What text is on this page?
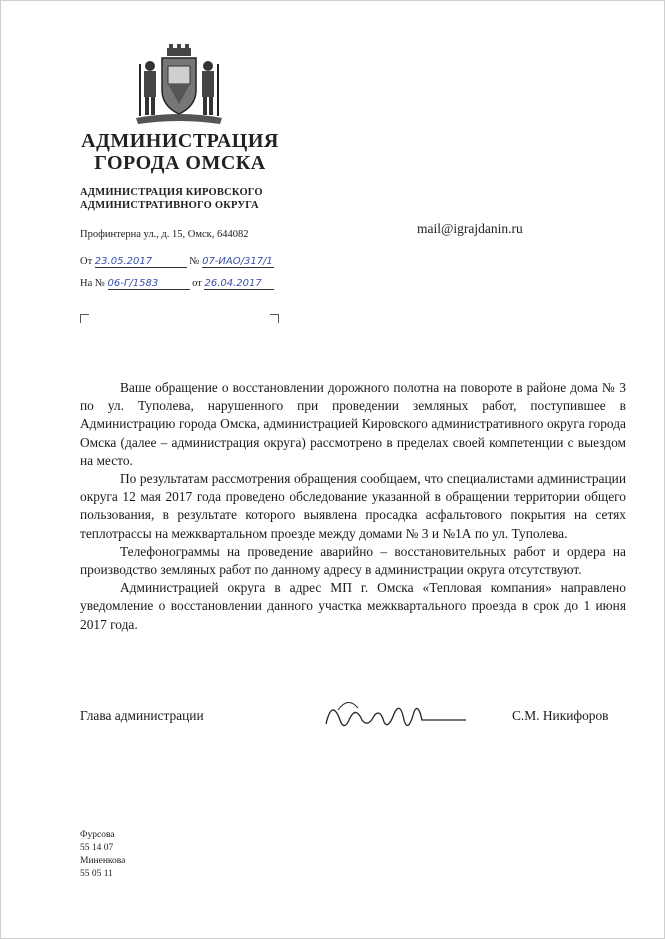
АДМИНИСТРАЦИЯ
ГОРОДА ОМСКА
АДМИНИСТРАЦИЯ КИРОВСКОГО
АДМИНИСТРАТИВНОГО ОКРУГА
Профинтерна ул., д. 15, Омск, 644082	mail@igrajdanin.ru
От 23.05.2017	№ 07-ИАО/317/1
На № 06-Г/1583	от 26.04.2017

Ваше обращение о восстановлении дорожного полотна на повороте в районе дома № 3 по ул. Туполева, нарушенного при проведении земляных работ, поступившее в Администрацию города Омска, администрацией Кировского административного округа города Омска (далее – администрация округа) рассмотрено в пределах своей компетенции с выездом на место.

По результатам рассмотрения обращения сообщаем, что специалистами администрации округа 12 мая 2017 года проведено обследование указанной в обращении территории общего пользования, в результате которого выявлена просадка асфальтового покрытия на сетях теплотрассы на межквартальном проезде между домами № 3 и №1А по ул. Туполева.

Телефонограммы на проведение аварийно – восстановительных работ и ордера на производство земляных работ по данному адресу в администрации округа отсутствуют.

Администрацией округа в адрес МП г. Омска «Тепловая компания» направлено уведомление о восстановлении данного участка межквартального проезда в срок до 1 июня 2017 года.

Глава администрации	С.М. Никифоров
Фурсова
55 14 07
Миненкова
55 05 11
